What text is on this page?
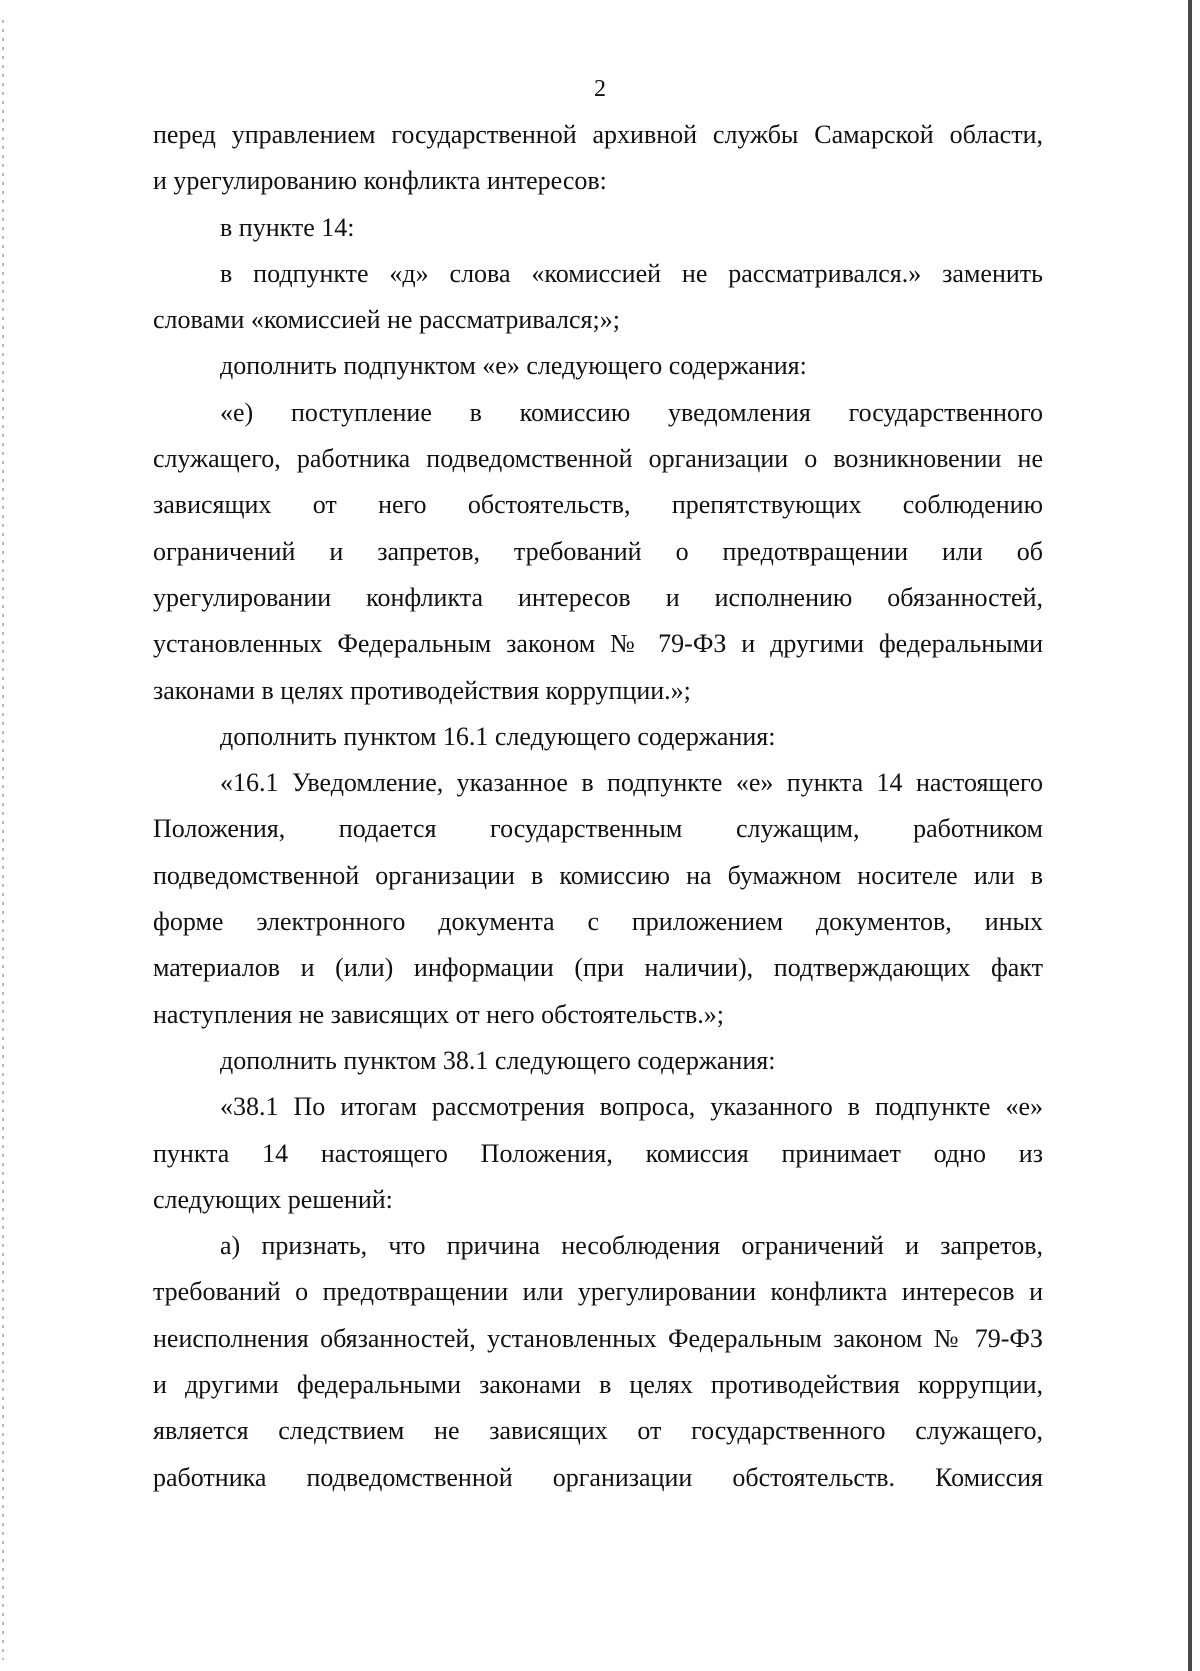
2
перед управлением государственной архивной службы Самарской области,
и урегулированию конфликта интересов:
в пункте 14:
в подпункте «д» слова «комиссией не рассматривался.» заменить
словами «комиссией не рассматривался;»;
дополнить подпунктом «е» следующего содержания:
«е) поступление в комиссию уведомления государственного
служащего, работника подведомственной организации о возникновении не
зависящих от него обстоятельств, препятствующих соблюдению
ограничений и запретов, требований о предотвращении или об
урегулировании конфликта интересов и исполнению обязанностей,
установленных Федеральным законом № 79-ФЗ и другими федеральными
законами в целях противодействия коррупции.»;
дополнить пунктом 16.1 следующего содержания:
«16.1 Уведомление, указанное в подпункте «е» пункта 14 настоящего
Положения, подается государственным служащим, работником
подведомственной организации в комиссию на бумажном носителе или в
форме электронного документа с приложением документов, иных
материалов и (или) информации (при наличии), подтверждающих факт
наступления не зависящих от него обстоятельств.»;
дополнить пунктом 38.1 следующего содержания:
«38.1 По итогам рассмотрения вопроса, указанного в подпункте «е»
пункта 14 настоящего Положения, комиссия принимает одно из
следующих решений:
а) признать, что причина несоблюдения ограничений и запретов,
требований о предотвращении или урегулировании конфликта интересов и
неисполнения обязанностей, установленных Федеральным законом № 79-ФЗ
и другими федеральными законами в целях противодействия коррупции,
является следствием не зависящих от государственного служащего,
работника подведомственной организации обстоятельств. Комиссия
